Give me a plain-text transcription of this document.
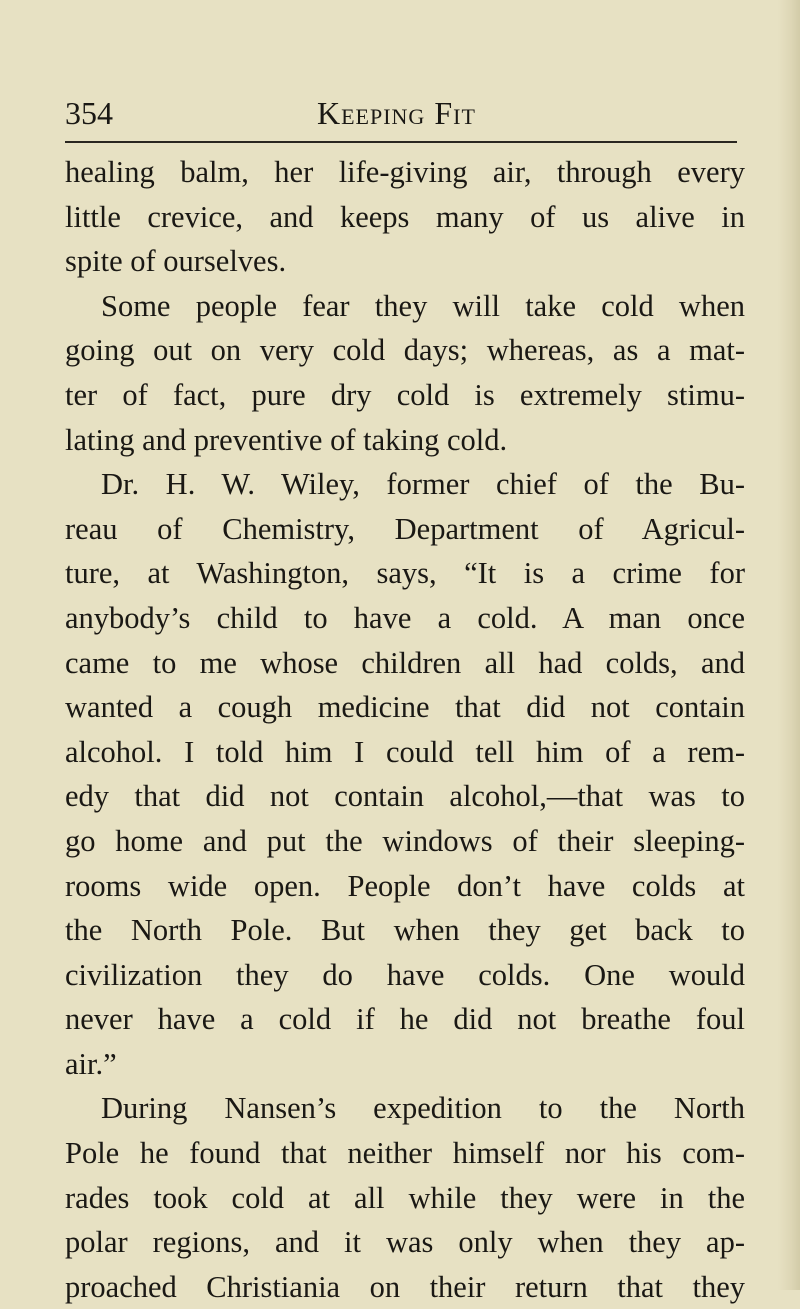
354	Keeping Fit
healing balm, her life-giving air, through every
little crevice, and keeps many of us alive in
spite of ourselves.
Some people fear they will take cold when
going out on very cold days; whereas, as a mat-
ter of fact, pure dry cold is extremely stimu-
lating and preventive of taking cold.
Dr. H. W. Wiley, former chief of the Bu-
reau of Chemistry, Department of Agricul-
ture, at Washington, says, “It is a crime for
anybody’s child to have a cold. A man once
came to me whose children all had colds, and
wanted a cough medicine that did not contain
alcohol. I told him I could tell him of a rem-
edy that did not contain alcohol,—that was to
go home and put the windows of their sleeping-
rooms wide open. People don’t have colds at
the North Pole. But when they get back to
civilization they do have colds. One would
never have a cold if he did not breathe foul
air.”
During Nansen’s expedition to the North
Pole he found that neither himself nor his com-
rades took cold at all while they were in the
polar regions, and it was only when they ap-
proached Christiania on their return that they
